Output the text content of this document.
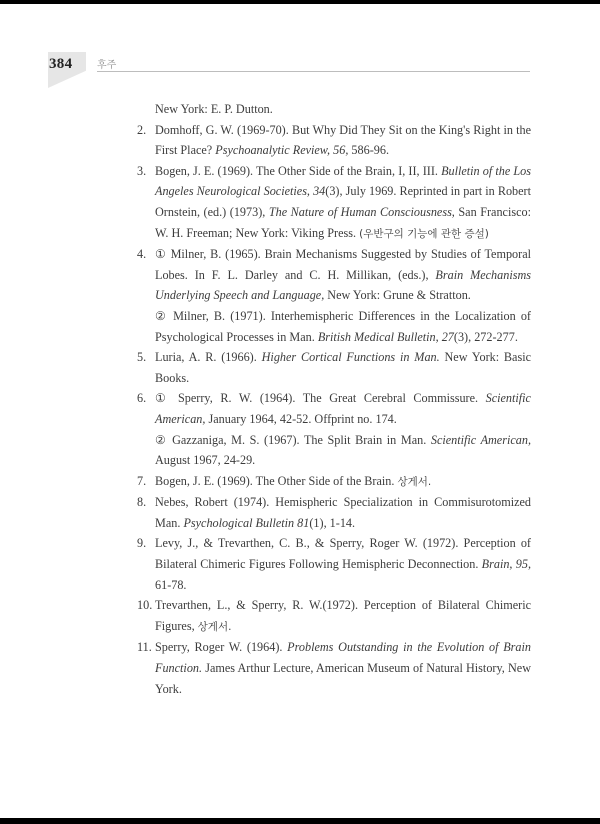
384 후주

New York: E. P. Dutton.

2. Domhoff, G. W. (1969-70). But Why Did They Sit on the King's Right in the First Place? Psychoanalytic Review, 56, 586-96.

3. Bogen, J. E. (1969). The Other Side of the Brain, I, II, III. Bulletin of the Los Angeles Neurological Societies, 34(3), July 1969. Reprinted in part in Robert Ornstein, (ed.) (1973), The Nature of Human Consciousness, San Francisco: W. H. Freeman; New York: Viking Press. (우반구의 기능에 관한 증설)

4. ① Milner, B. (1965). Brain Mechanisms Suggested by Studies of Temporal Lobes. In F. L. Darley and C. H. Millikan, (eds.), Brain Mechanisms Underlying Speech and Language, New York: Grune & Stratton.

② Milner, B. (1971). Interhemispheric Differences in the Localization of Psychological Processes in Man. British Medical Bulletin, 27(3), 272-277.

5. Luria, A. R. (1966). Higher Cortical Functions in Man. New York: Basic Books.

6. ① Sperry, R. W. (1964). The Great Cerebral Commissure. Scientific American, January 1964, 42-52. Offprint no. 174.

② Gazzaniga, M. S. (1967). The Split Brain in Man. Scientific American, August 1967, 24-29.

7. Bogen, J. E. (1969). The Other Side of the Brain. 상게서.

8. Nebes, Robert (1974). Hemispheric Specialization in Commisurotomized Man. Psychological Bulletin 81(1), 1-14.

9. Levy, J., & Trevarthen, C. B., & Sperry, Roger W. (1972). Perception of Bilateral Chimeric Figures Following Hemispheric Deconnection. Brain, 95, 61-78.

10. Trevarthen, L., & Sperry, R. W.(1972). Perception of Bilateral Chimeric Figures, 상게서.

11. Sperry, Roger W. (1964). Problems Outstanding in the Evolution of Brain Function. James Arthur Lecture, American Museum of Natural History, New York.
